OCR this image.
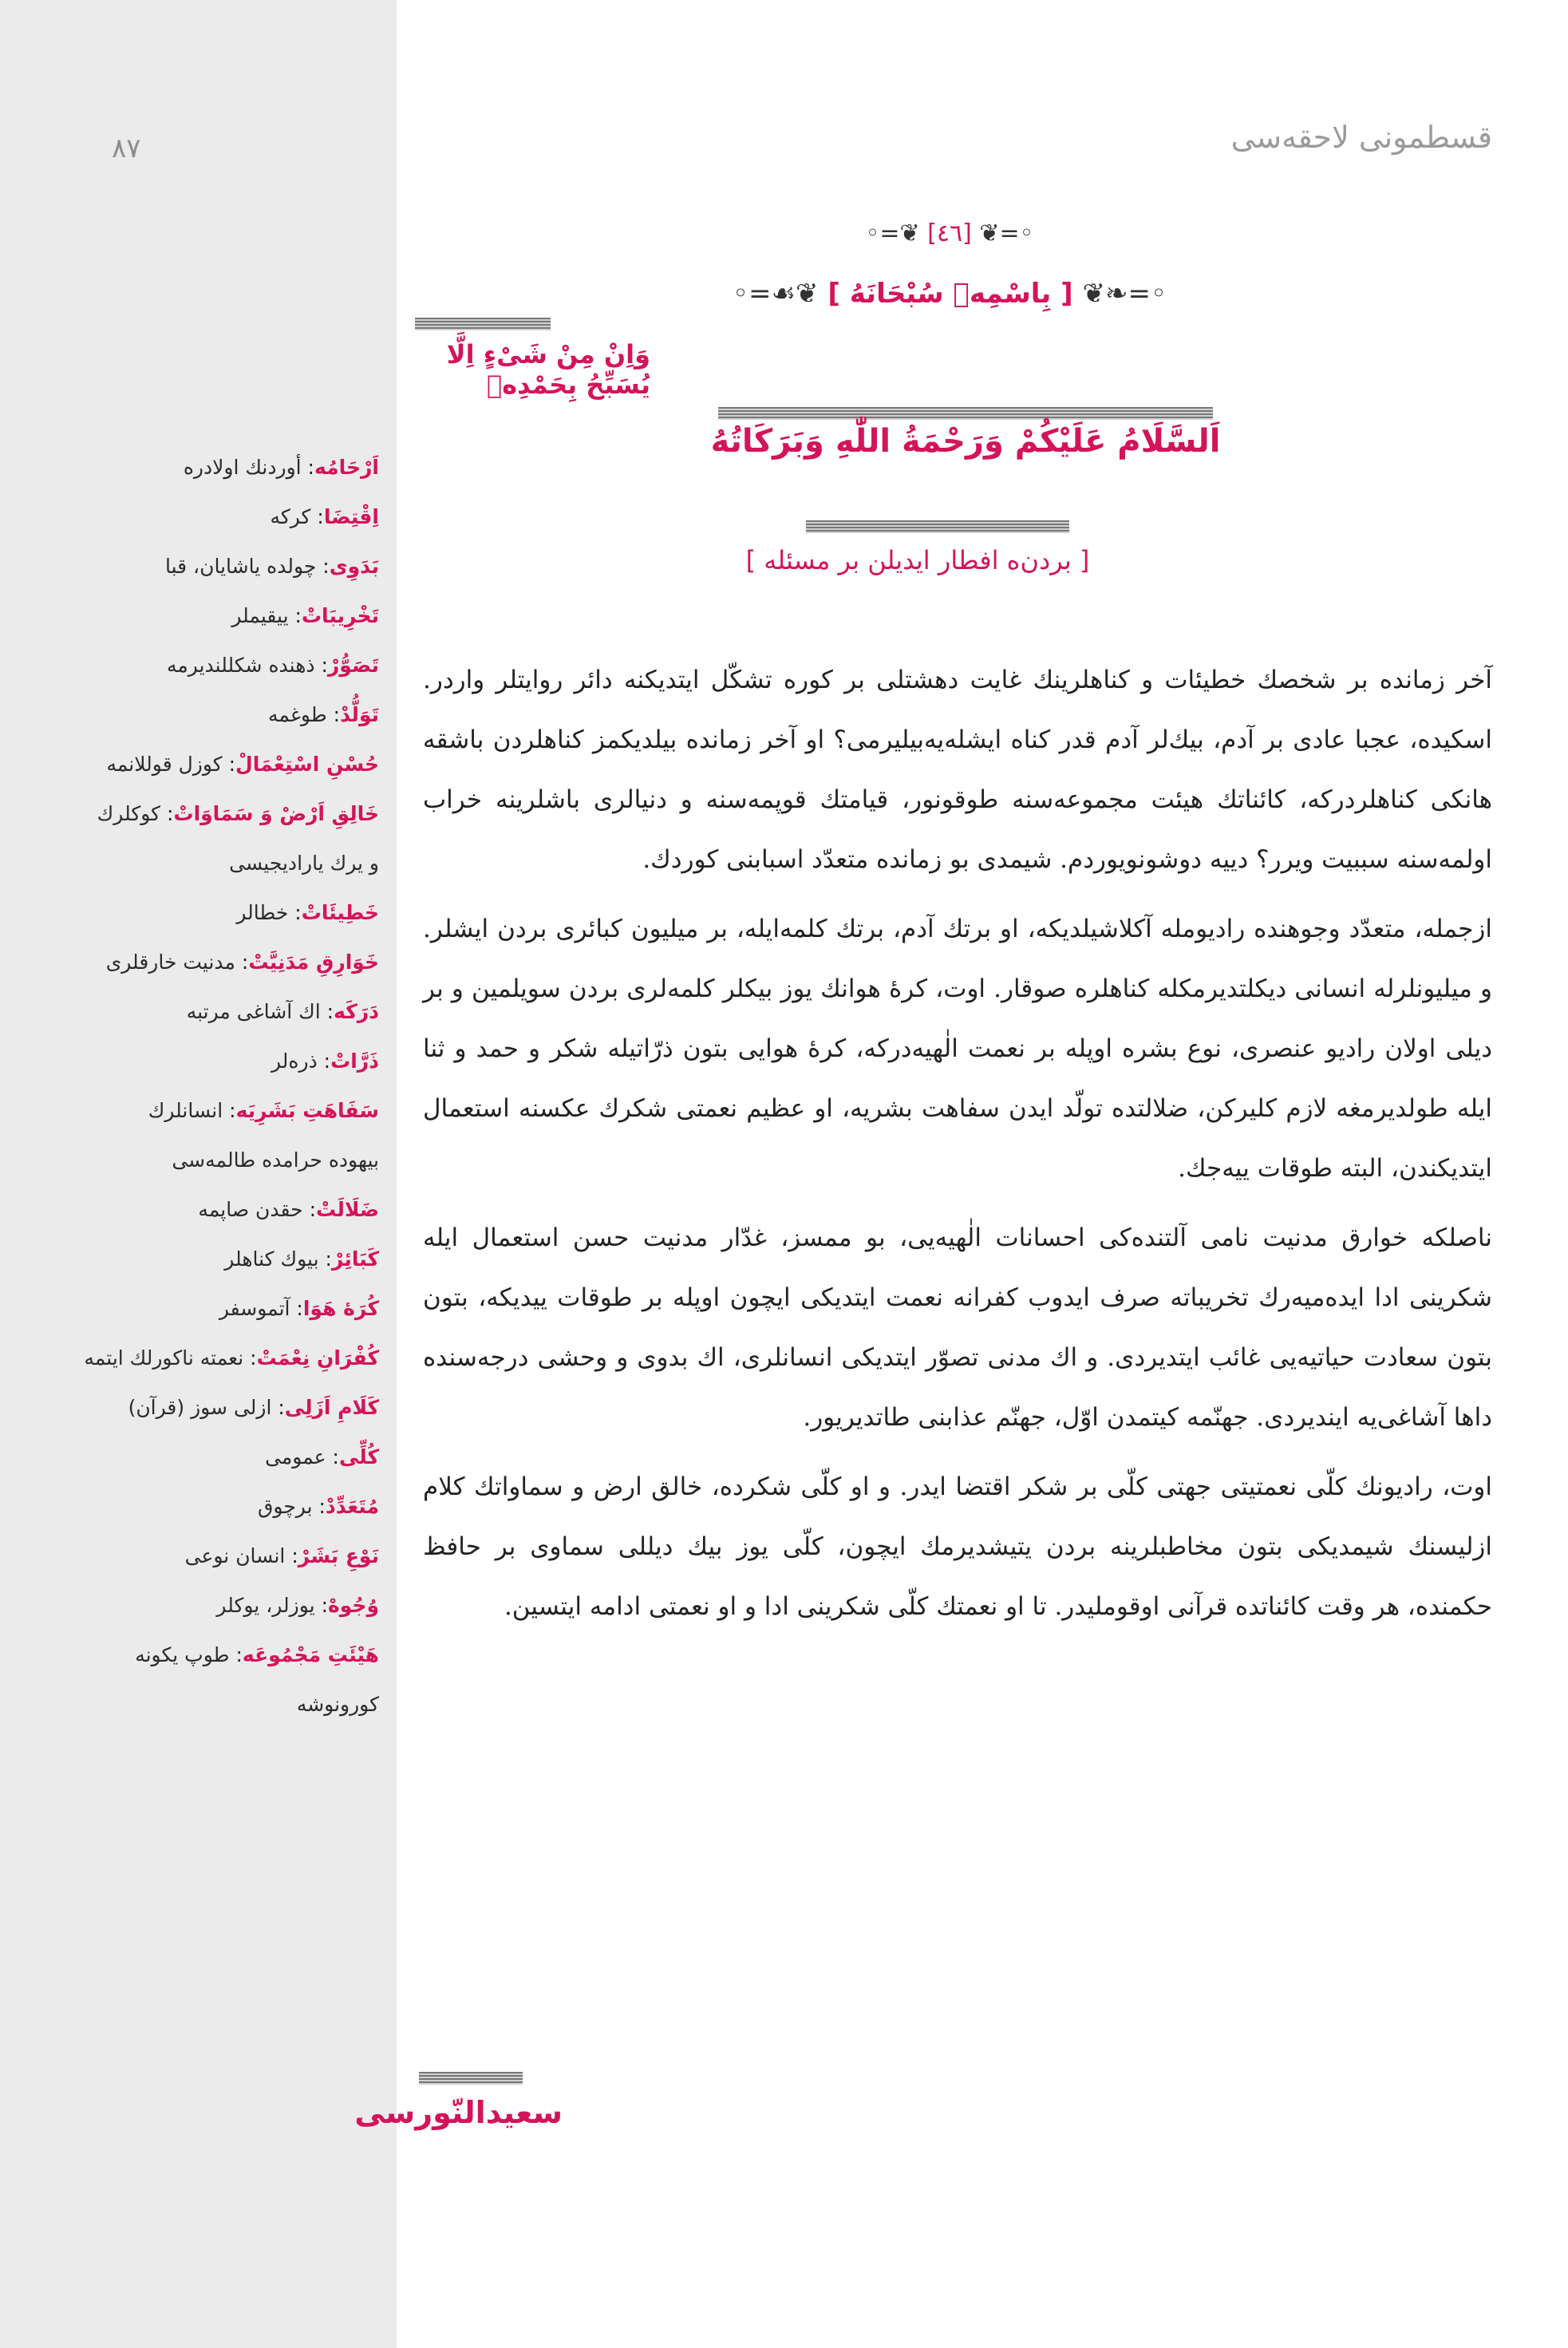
٨٧	قسطمونی لاحقه‌سی
اَرْحَامُه: أوردنك اولادره
اِقْتِضَا: كركه
بَدَوِی: چولده یاشایان، قبا
تَخْرِیبَاتْ: ییقیملر
تَصَوُّرْ: ذهنده شكللندیرمه
تَوَلُّدْ: طوغمه
حُسْنِ اسْتِعْمَالْ: كوزل قوللانمه
خَالِقِ اَرْضْ وَ سَمَاوَاتْ: كوكلرك
و یرك یارادیجیسی
خَطِیئَاتْ: خطالر
خَوَارِقِ مَدَنِیَّتْ: مدنیت خارقلری
دَرَكَه: اك آشاغی مرتبه
ذَرَّاتْ: ذره‌لر
سَفَاهَتِ بَشَرِیَه: انسانلرك
بیهوده حرامده طالمه‌سی
ضَلَالَتْ: حقدن صاپمه
كَبَائِرْ: بیوك كناهلر
كُرَهٔ هَوَا: آتموسفر
كُفْرَانِ نِعْمَتْ: نعمته ناكورلك ایتمه
كَلَامِ اَزَلِی: ازلی سوز (قرآن)
كُلِّی: عمومی
مُتَعَدِّدْ: برچوق
نَوْعِ بَشَرْ: انسان نوعی
وُجُوهْ: یوزلر، یوكلر
هَیْئَتِ مَجْمُوعَه: طوپ یكونه
كورونوشه
◦=❦ [٤٦] ❦=◦
◦=❧❦ [ بِاسْمِهٖ سُبْحَانَهُ ] ❦☙=◦
وَاِنْ مِنْ شَیْءٍ اِلَّا یُسَبِّحُ بِحَمْدِهٖ
اَلسَّلَامُ عَلَیْكُمْ وَرَحْمَةُ اللّٰهِ وَبَرَكَاتُهُ
[ بردن‌ه افطار ایدیلن بر مسئله ]

آخر زمانده بر شخصك خطیئات و كناهلرینك غایت دهشتلی بر كوره تشكّل ایتدیكنه دائر روایتلر واردر. اسكیده، عجبا عادی بر آدم، بیك‌لر آدم قدر كناه ایشله‌یه‌بیلیرمی؟ او آخر زمانده بیلدیكمز كناهلردن باشقه هانكی كناهلردركه، كائناتك هیئت مجموعه‌سنه طوقونور، قیامتك قوپمه‌سنه و دنیالری باشلرینه خراب اولمه‌سنه سببیت ویرر؟ دییه دوشونویوردم. شیمدی بو زمانده متعدّد اسبابنی كوردك.

ازجمله، متعدّد وجوهنده رادیومله آكلاشیلدیكه، او برتك آدم، برتك كلمه‌ایله، بر میلیون كبائری بردن ایشلر. و میلیونلرله انسانی دیكلتدیرمكله كناهلره صوقار. اوت، كرهٔ هوانك یوز بیكلر كلمه‌لری بردن سویلمین و بر دیلی اولان رادیو عنصری، نوع بشره اوپله بر نعمت الٰهیه‌دركه، كرهٔ هوایی بتون ذرّاتیله شكر و حمد و ثنا ایله طولدیرمغه لازم كلیركن، ضلالتده تولّد ایدن سفاهت بشریه، او عظیم نعمتی شكرك عكسنه استعمال ایتدیكندن، البته طوقات ییه‌جك.

ناصلكه خوارق مدنیت نامی آلتنده‌كی احسانات الٰهیه‌یی، بو ممسز، غدّار مدنیت حسن استعمال ایله شكرینی ادا ایده‌میه‌رك تخریباته صرف ایدوب كفرانه نعمت ایتدیكی ایچون اوپله بر طوقات ییدیكه، بتون بتون سعادت حیاتیه‌یی غائب ایتدیردی. و اك مدنی تصوّر ایتدیكی انسانلری، اك بدوی و وحشی درجه‌سنده داها آشاغی‌یه ایندیردی. جهنّمه كیتمدن اوّل، جهنّم عذابنی طاتدیریور.

اوت، رادیونك كلّی نعمتیتی جهتی كلّی بر شكر اقتضا ایدر. و او كلّی شكرده، خالق ارض و سماواتك كلام ازلیسنك شیمدیكی بتون مخاطبلرینه بردن یتیشدیرمك ایچون، كلّی یوز بیك دیللی سماوی بر حافظ حكمنده، هر وقت كائناتده قرآنی اوقوملیدر. تا او نعمتك كلّی شكرینی ادا و او نعمتی ادامه ایتسین.

سعیدالنّورسی
